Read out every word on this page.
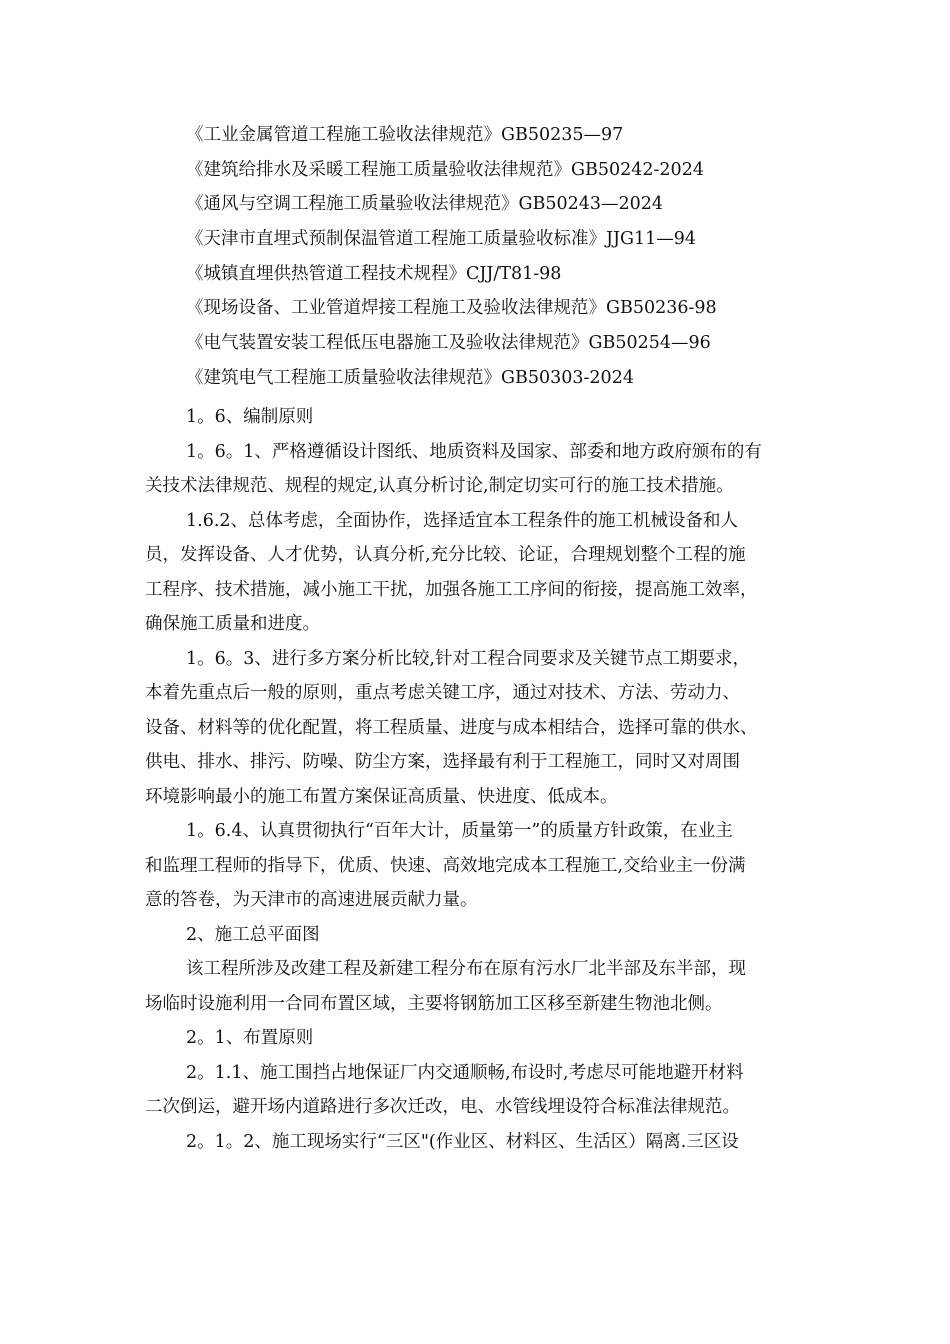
《工业金属管道工程施工验收法律规范》GB50235—97
《建筑给排水及采暖工程施工质量验收法律规范》GB50242-2024
《通风与空调工程施工质量验收法律规范》GB50243—2024
《天津市直埋式预制保温管道工程施工质量验收标准》JJG11—94
《城镇直埋供热管道工程技术规程》CJJ/T81-98
《现场设备、工业管道焊接工程施工及验收法律规范》GB50236-98
《电气装置安装工程低压电器施工及验收法律规范》GB50254—96
《建筑电气工程施工质量验收法律规范》GB50303-2024
1。6、编制原则
1。6。1、严格遵循设计图纸、地质资料及国家、部委和地方政府颁布的有
关技术法律规范、规程的规定,认真分析讨论,制定切实可行的施工技术措施。
1.6.2、总体考虑，全面协作，选择适宜本工程条件的施工机械设备和人
员，发挥设备、人才优势，认真分析,充分比较、论证，合理规划整个工程的施
工程序、技术措施，减小施工干扰，加强各施工工序间的衔接，提高施工效率，
确保施工质量和进度。
1。6。3、进行多方案分析比较,针对工程合同要求及关键节点工期要求，
本着先重点后一般的原则，重点考虑关键工序，通过对技术、方法、劳动力、
设备、材料等的优化配置，将工程质量、进度与成本相结合，选择可靠的供水、
供电、排水、排污、防噪、防尘方案，选择最有利于工程施工，同时又对周围
环境影响最小的施工布置方案保证高质量、快进度、低成本。
1。6.4、认真贯彻执行“百年大计，质量第一”的质量方针政策，在业主
和监理工程师的指导下，优质、快速、高效地完成本工程施工,交给业主一份满
意的答卷，为天津市的高速进展贡献力量。
2、施工总平面图
该工程所涉及改建工程及新建工程分布在原有污水厂北半部及东半部，现
场临时设施利用一合同布置区域，主要将钢筋加工区移至新建生物池北侧。
2。1、布置原则
2。1.1、施工围挡占地保证厂内交通顺畅,布设时,考虑尽可能地避开材料
二次倒运，避开场内道路进行多次迁改，电、水管线埋设符合标准法律规范。
2。1。2、施工现场实行“三区"(作业区、材料区、生活区）隔离.三区设
